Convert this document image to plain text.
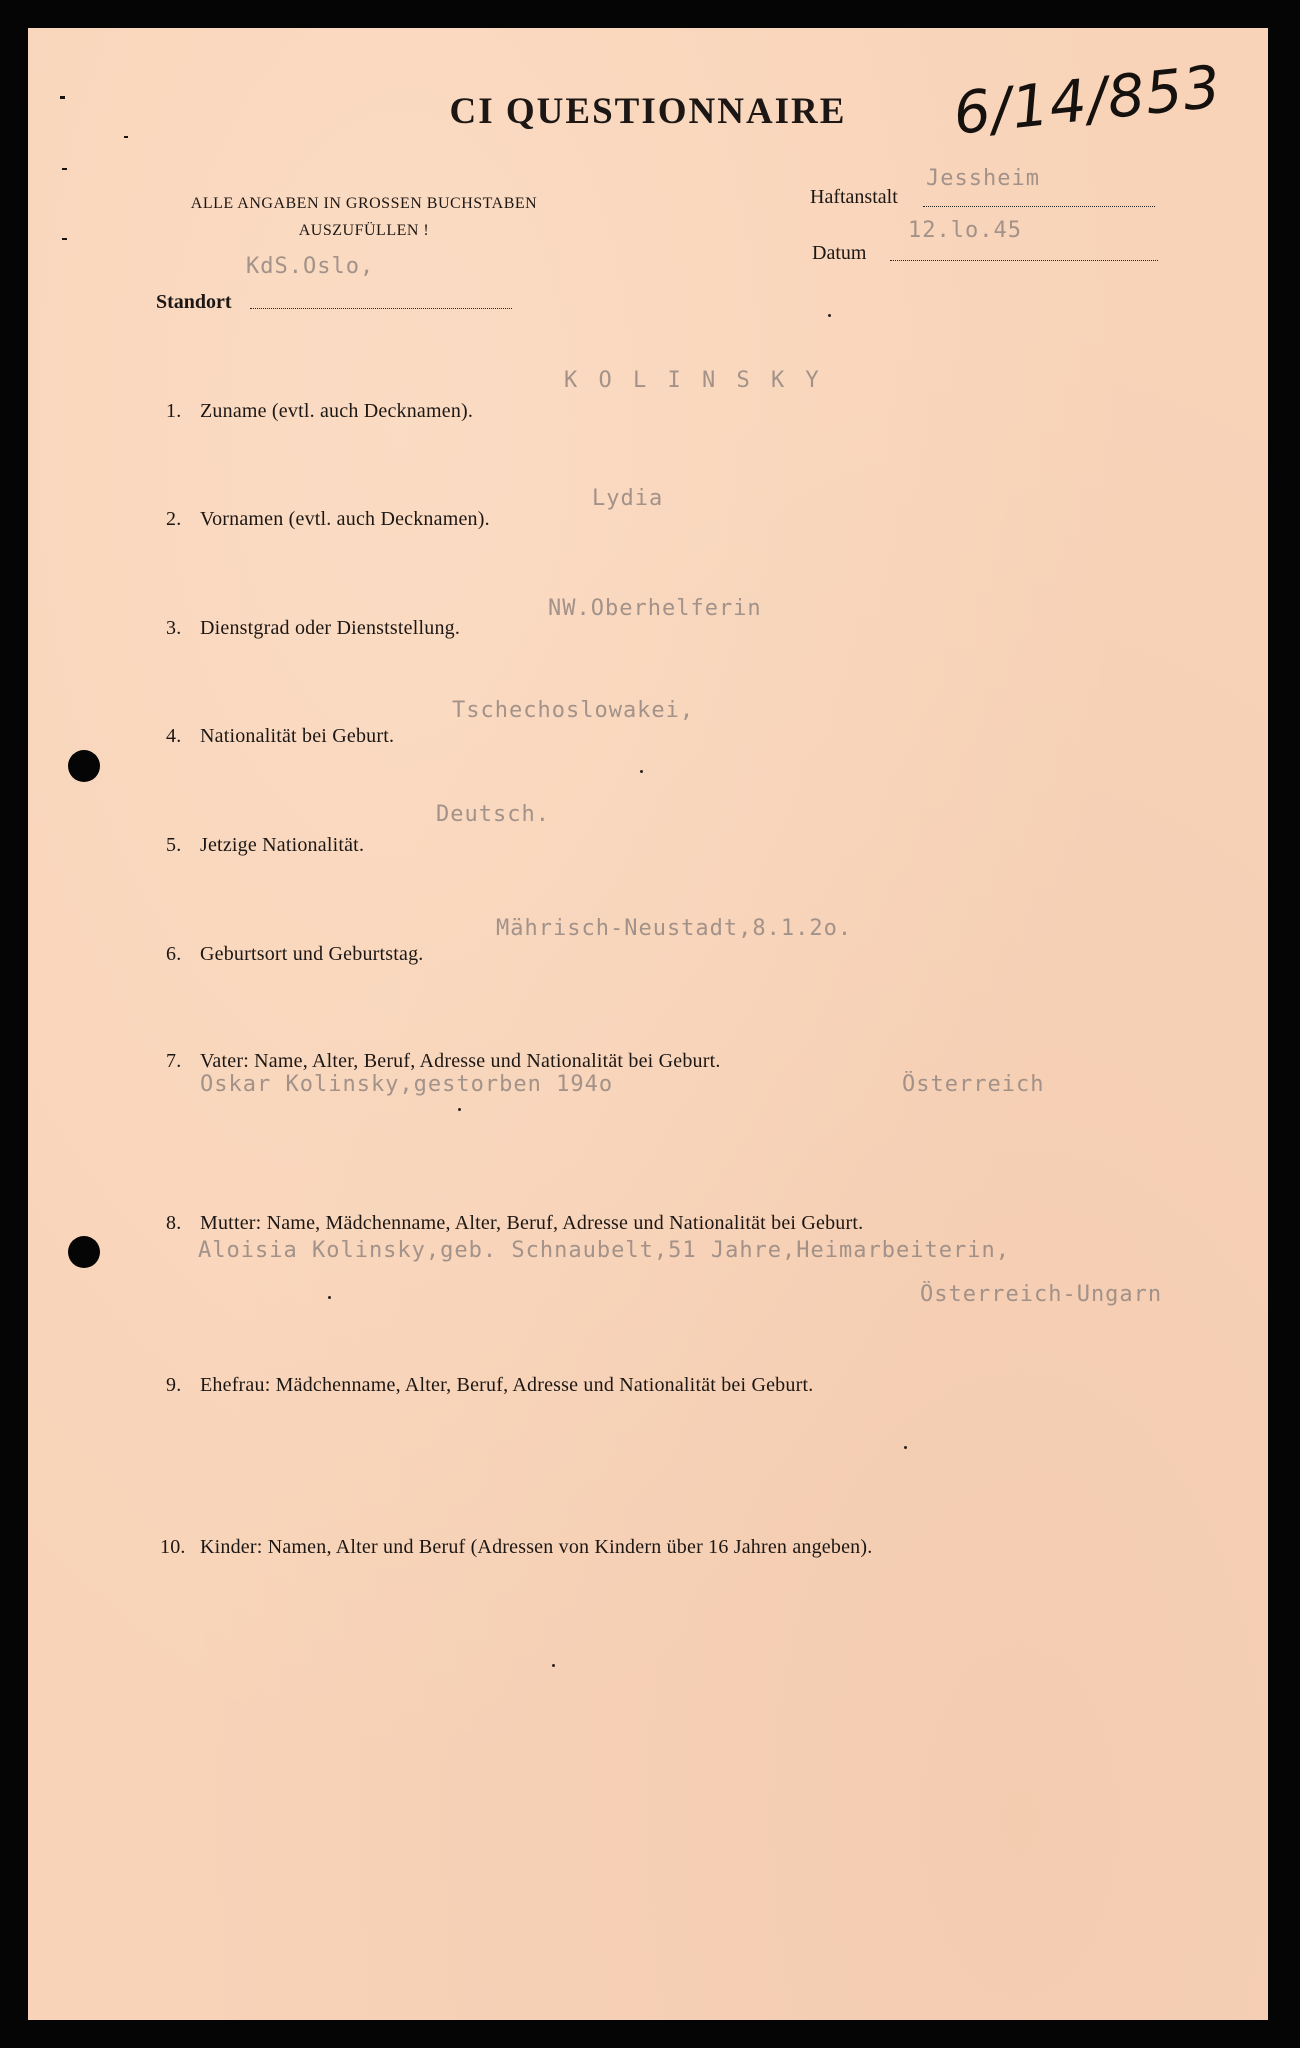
CI QUESTIONNAIRE	6/14/853
ALLE ANGABEN IN GROSSEN BUCHSTABEN
AUSZUFÜLLEN !
Haftanstalt
Jessheim
Datum
12.lo.45
Standort
KdS.Oslo,
1. Zuname (evtl. auch Decknamen).
K O L I N S K Y
2. Vornamen (evtl. auch Decknamen).
Lydia
3. Dienstgrad oder Dienststellung.
NW.Oberhelferin
4. Nationalität bei Geburt.
Tschechoslowakei,
5. Jetzige Nationalität.
Deutsch.
6. Geburtsort und Geburtstag.
Mährisch-Neustadt,8.1.2o.
7. Vater: Name, Alter, Beruf, Adresse und Nationalität bei Geburt.
Oskar Kolinsky,gestorben 194o	Österreich
8. Mutter: Name, Mädchenname, Alter, Beruf, Adresse und Nationalität bei Geburt.
Aloisia Kolinsky,geb. Schnaubelt,51 Jahre,Heimarbeiterin,
Österreich-Ungarn
9. Ehefrau: Mädchenname, Alter, Beruf, Adresse und Nationalität bei Geburt.
10. Kinder: Namen, Alter und Beruf (Adressen von Kindern über 16 Jahren angeben).
